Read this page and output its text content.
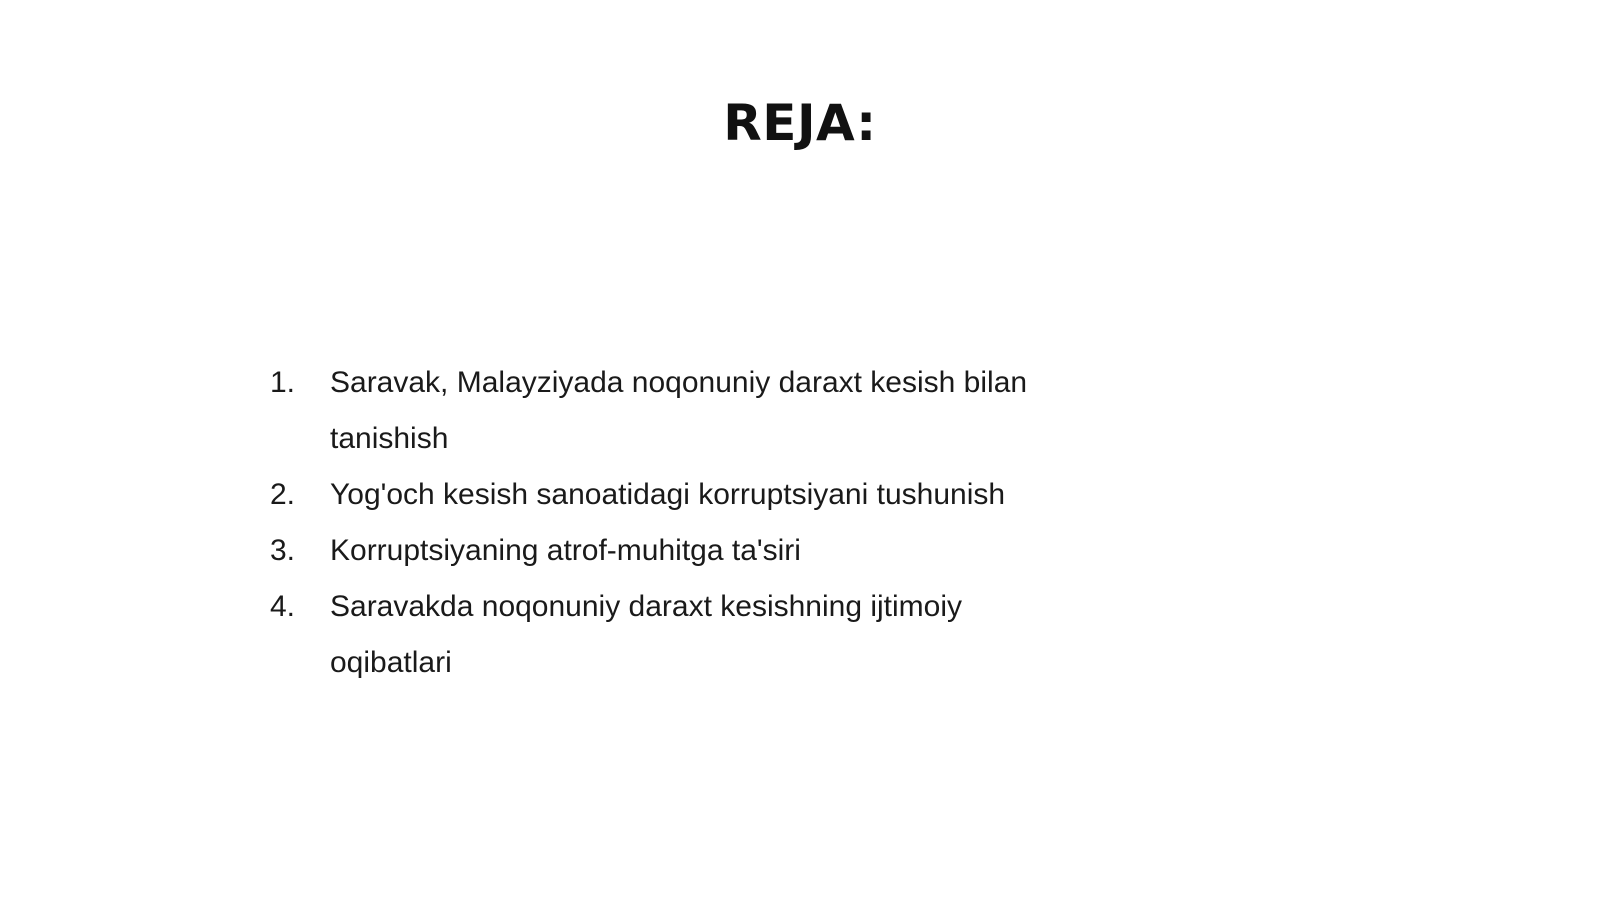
REJA:
1.	Saravak, Malayziyada noqonuniy daraxt kesish bilan tanishish
2.	Yog'och kesish sanoatidagi korruptsiyani tushunish
3.	Korruptsiyaning atrof-muhitga ta'siri
4.	Saravakda noqonuniy daraxt kesishning ijtimoiy oqibatlari
